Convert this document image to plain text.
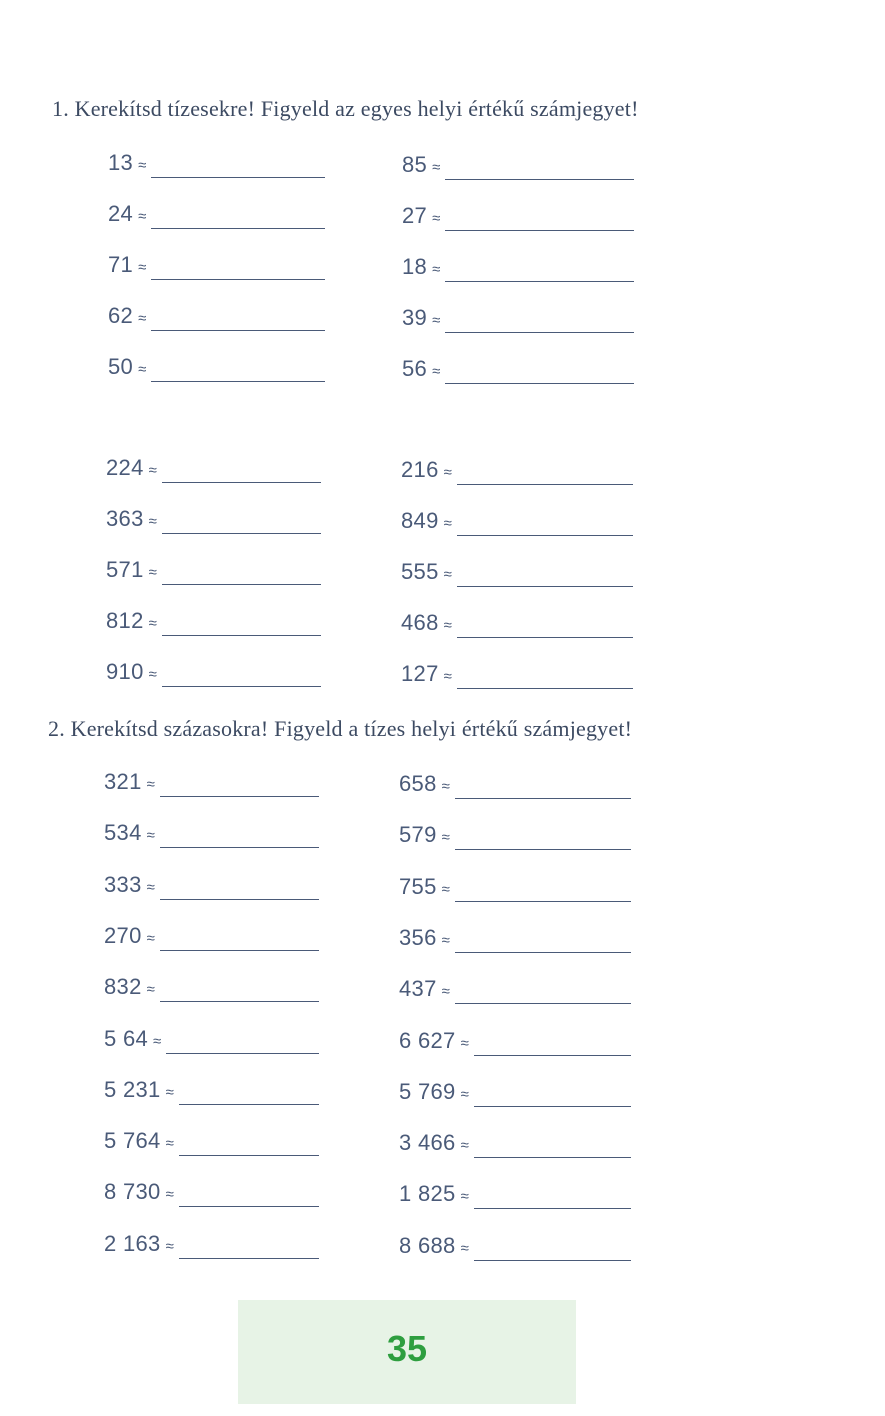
1. Kerekítsd tízesekre! Figyeld az egyes helyi értékű számjegyet!
2. Kerekítsd százasokra! Figyeld a tízes helyi értékű számjegyet!
13 ≈
24 ≈
71 ≈
62 ≈
50 ≈
85 ≈
27 ≈
18 ≈
39 ≈
56 ≈
224 ≈
363 ≈
571 ≈
812 ≈
910 ≈
216 ≈
849 ≈
555 ≈
468 ≈
127 ≈
321 ≈
534 ≈
333 ≈
270 ≈
832 ≈
5 64 ≈
5 231 ≈
5 764 ≈
8 730 ≈
2 163 ≈
658 ≈
579 ≈
755 ≈
356 ≈
437 ≈
6 627 ≈
5 769 ≈
3 466 ≈
1 825 ≈
8 688 ≈
35
